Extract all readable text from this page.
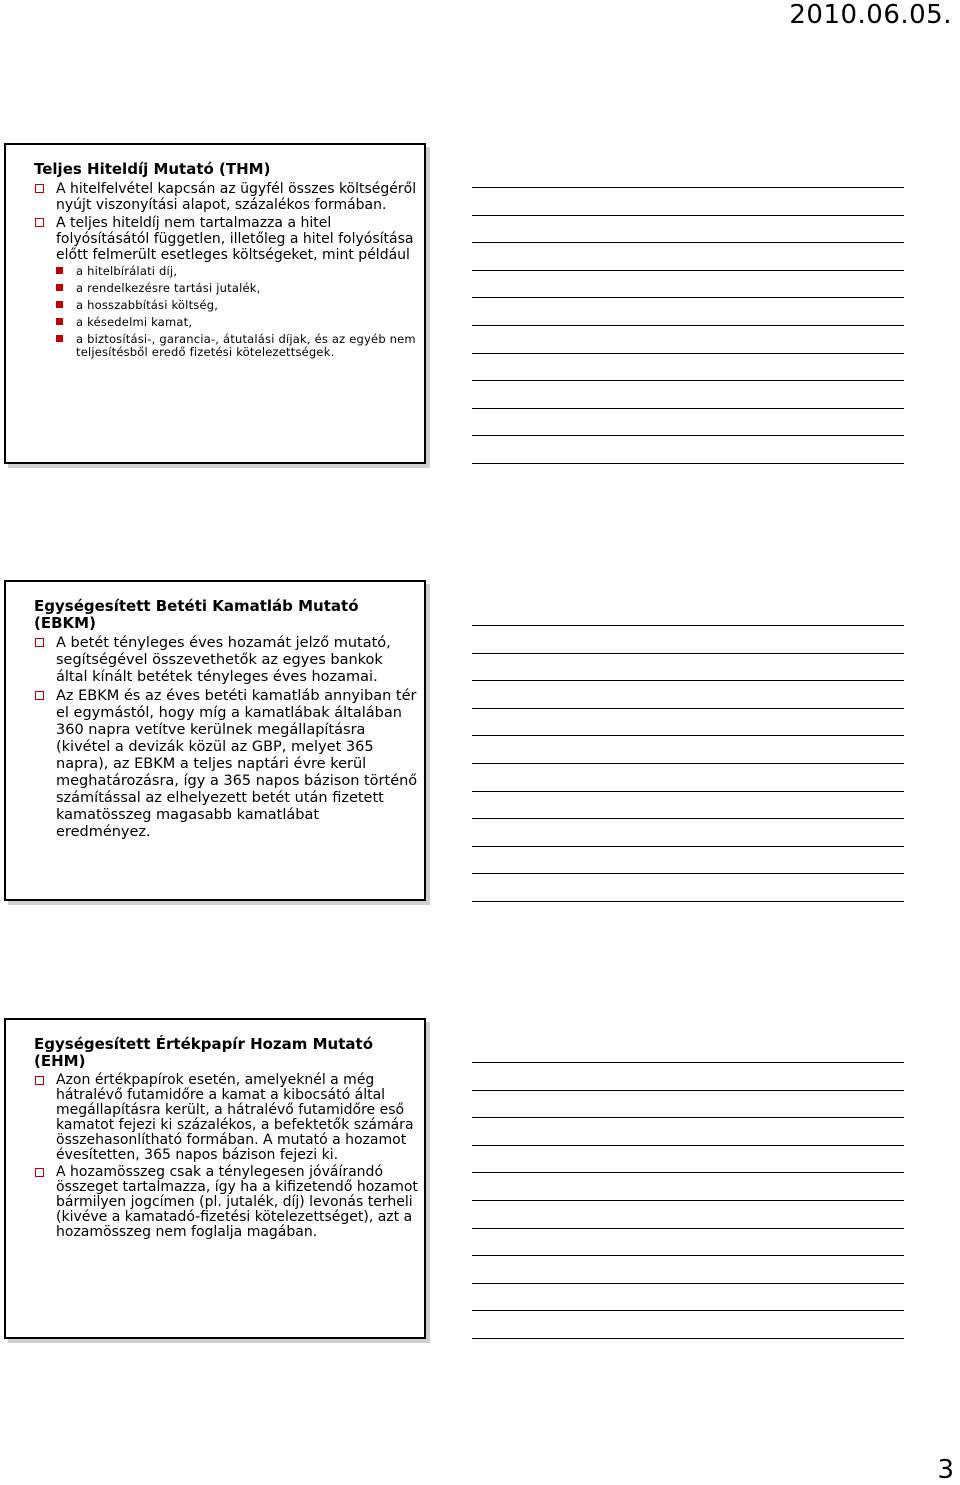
2010.06.05.
Teljes Hiteldíj Mutató (THM)
A hitelfelvétel kapcsán az ügyfél összes költségéről nyújt viszonyítási alapot, százalékos formában.
A teljes hiteldíj nem tartalmazza a hitel folyósításától független, illetőleg a hitel folyósítása előtt felmerült esetleges költségeket, mint például
a hitelbírálati díj,
a rendelkezésre tartási jutalék,
a hosszabbítási költség,
a késedelmi kamat,
a biztosítási-, garancia-, átutalási díjak, és az egyéb nem teljesítésből eredő fizetési kötelezettségek.
Egységesített Betéti Kamatláb Mutató (EBKM)
A betét tényleges éves hozamát jelző mutató, segítségével összevethetők az egyes bankok által kínált betétek tényleges éves hozamai.
Az EBKM és az éves betéti kamatláb annyiban tér el egymástól, hogy míg a kamatlábak általában 360 napra vetítve kerülnek megállapításra (kivétel a devizák közül az GBP, melyet 365 napra), az EBKM a teljes naptári évre kerül meghatározásra, így a 365 napos bázison történő számítással az elhelyezett betét után fizetett kamatösszeg magasabb kamatlábat eredményez.
Egységesített Értékpapír Hozam Mutató (EHM)
Azon értékpapírok esetén, amelyeknél a még hátralévő futamidőre a kamat a kibocsátó által megállapításra került, a hátralévő futamidőre eső kamatot fejezi ki százalékos, a befektetők számára összehasonlítható formában. A mutató a hozamot évesítetten, 365 napos bázison fejezi ki.
A hozamösszeg csak a ténylegesen jóváírandó összeget tartalmazza, így ha a kifizetendő hozamot bármilyen jogcímen (pl. jutalék, díj) levonás terheli (kivéve a kamatadó-fizetési kötelezettséget), azt a hozamösszeg nem foglalja magában.
3
